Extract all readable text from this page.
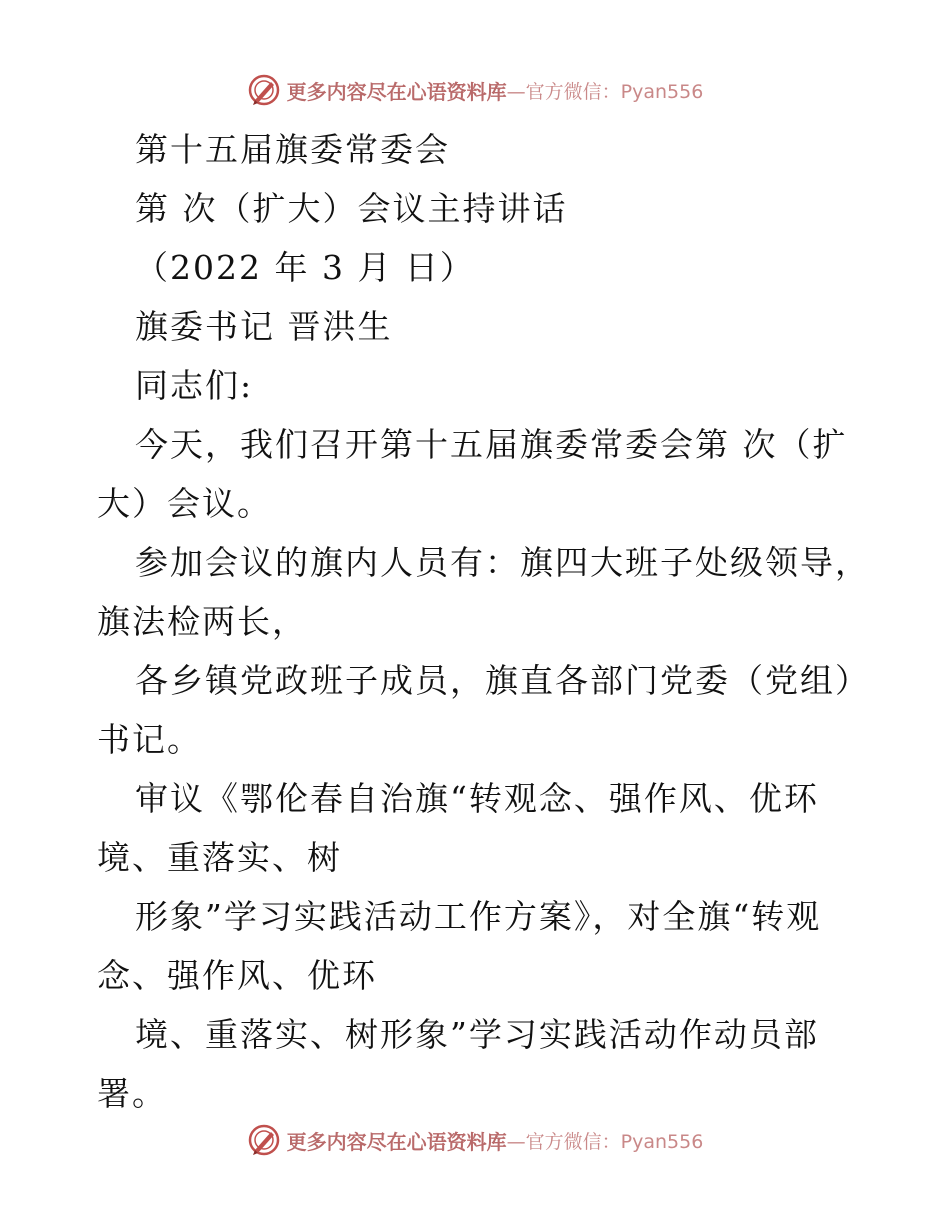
更多内容尽在心语资料库 —官方微信：Pyan556
第十五届旗委常委会
第 次（扩大）会议主持讲话
（2022 年 3 月 日）
旗委书记 晋洪生
同志们:
今天，我们召开第十五届旗委常委会第 次（扩
大）会议。
参加会议的旗内人员有：旗四大班子处级领导，
旗法检两长，
各乡镇党政班子成员，旗直各部门党委（党组）
书记。
审议《鄂伦春自治旗“转观念、强作风、优环
境、重落实、树
形象”学习实践活动工作方案》，对全旗“转观
念、强作风、优环
境、重落实、树形象”学习实践活动作动员部
署。
更多内容尽在心语资料库 —官方微信：Pyan556
